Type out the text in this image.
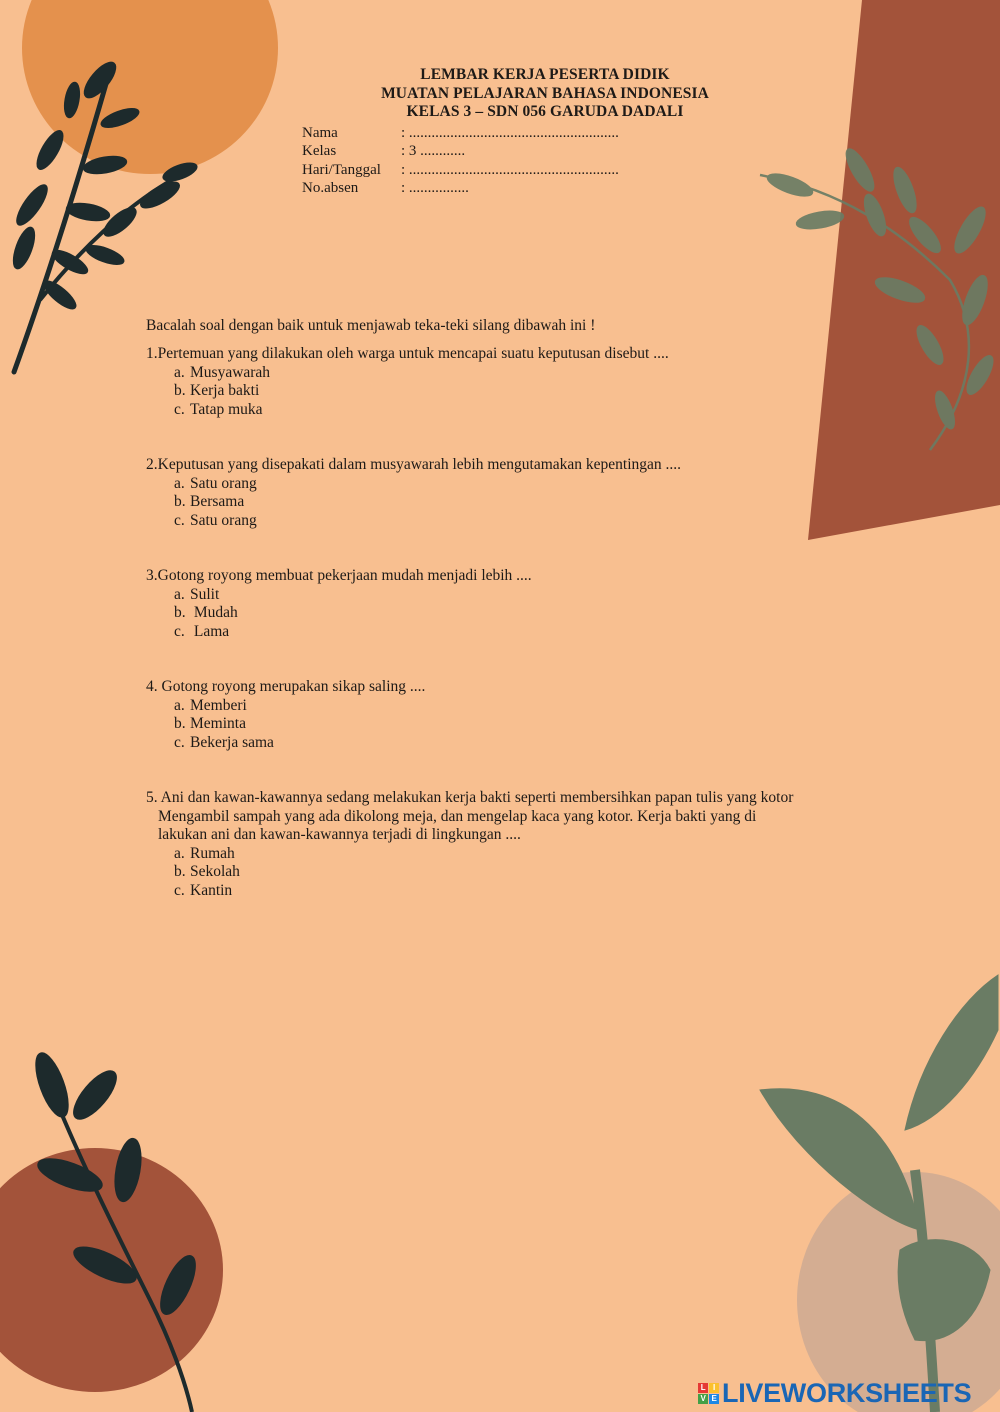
LEMBAR KERJA PESERTA DIDIK
MUATAN PELAJARAN BAHASA INDONESIA
KELAS 3 – SDN 056 GARUDA DADALI
Nama	: ........................................................
Kelas	: 3 ............
Hari/Tanggal	: ........................................................
No.absen	: ................
Bacalah soal dengan baik untuk menjawab teka-teki silang dibawah ini !
1.Pertemuan yang dilakukan oleh warga untuk mencapai suatu keputusan disebut ....
a. Musyawarah
b. Kerja bakti
c. Tatap muka
2.Keputusan yang disepakati dalam musyawarah lebih mengutamakan kepentingan ....
a. Satu orang
b. Bersama
c. Satu orang
3.Gotong royong membuat pekerjaan mudah menjadi lebih ....
a. Sulit
b. Mudah
c. Lama
4. Gotong royong merupakan sikap saling ....
a. Memberi
b. Meminta
c. Bekerja sama
5. Ani dan kawan-kawannya sedang melakukan kerja bakti seperti membersihkan papan tulis yang kotor
Mengambil sampah yang ada dikolong meja, dan mengelap kaca yang kotor. Kerja bakti yang di
lakukan ani dan kawan-kawannya terjadi di lingkungan ....
a. Rumah
b. Sekolah
c. Kantin
L I
V E LIVEWORKSHEETS
